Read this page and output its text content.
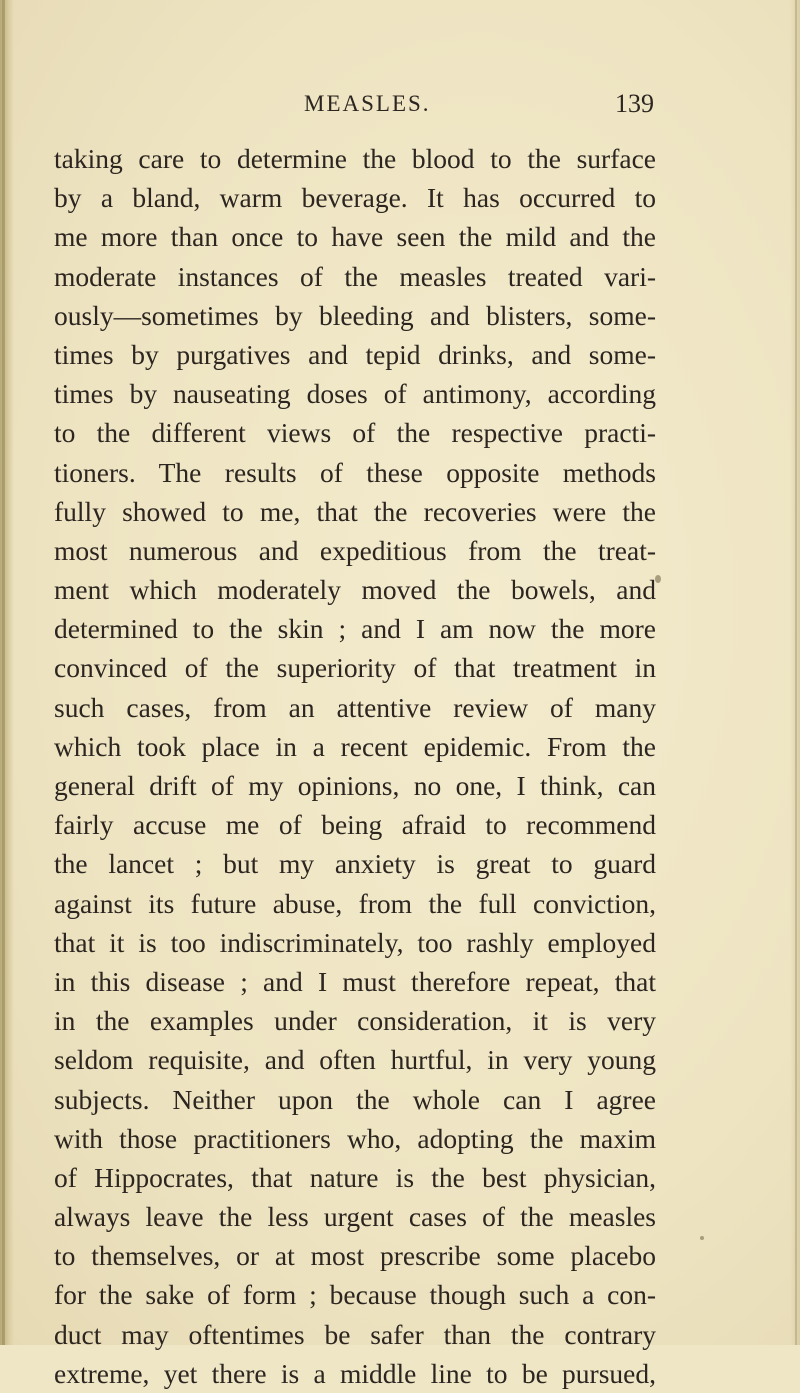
MEASLES.	139
taking care to determine the blood to the surface
by a bland, warm beverage. It has occurred to
me more than once to have seen the mild and the
moderate instances of the measles treated vari-
ously—sometimes by bleeding and blisters, some-
times by purgatives and tepid drinks, and some-
times by nauseating doses of antimony, according
to the different views of the respective practi-
tioners. The results of these opposite methods
fully showed to me, that the recoveries were the
most numerous and expeditious from the treat-
ment which moderately moved the bowels, and
determined to the skin ; and I am now the more
convinced of the superiority of that treatment in
such cases, from an attentive review of many
which took place in a recent epidemic. From the
general drift of my opinions, no one, I think, can
fairly accuse me of being afraid to recommend
the lancet ; but my anxiety is great to guard
against its future abuse, from the full conviction,
that it is too indiscriminately, too rashly employed
in this disease ; and I must therefore repeat, that
in the examples under consideration, it is very
seldom requisite, and often hurtful, in very young
subjects. Neither upon the whole can I agree
with those practitioners who, adopting the maxim
of Hippocrates, that nature is the best physician,
always leave the less urgent cases of the measles
to themselves, or at most prescribe some placebo
for the sake of form ; because though such a con-
duct may oftentimes be safer than the contrary
extreme, yet there is a middle line to be pursued,
